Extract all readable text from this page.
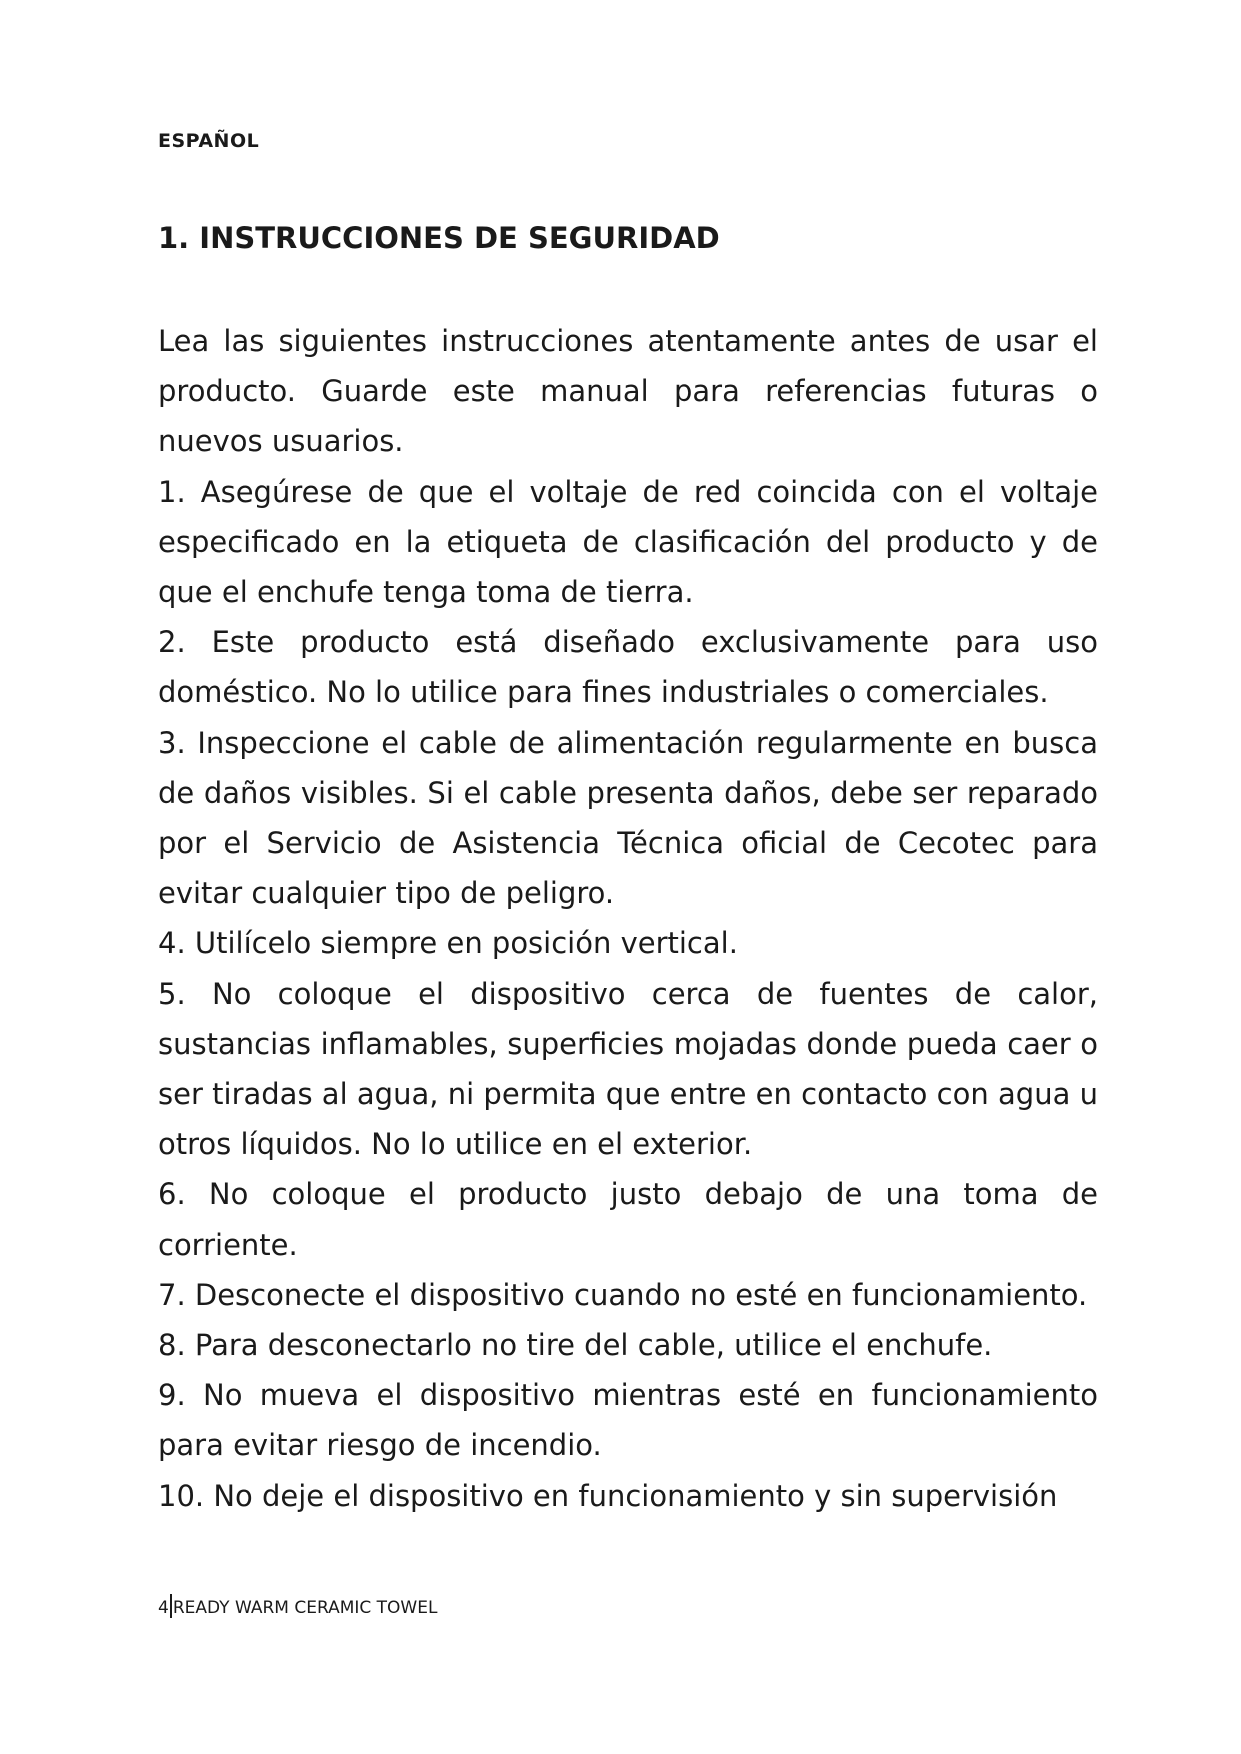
ESPAÑOL
1. INSTRUCCIONES DE SEGURIDAD

Lea las siguientes instrucciones atentamente antes de usar el producto. Guarde este manual para referencias futuras o nuevos usuarios.

1. Asegúrese de que el voltaje de red coincida con el voltaje especificado en la etiqueta de clasificación del producto y de que el enchufe tenga toma de tierra.

2. Este producto está diseñado exclusivamente para uso doméstico. No lo utilice para fines industriales o comerciales.

3. Inspeccione el cable de alimentación regularmente en busca de daños visibles. Si el cable presenta daños, debe ser reparado por el Servicio de Asistencia Técnica oficial de Cecotec para evitar cualquier tipo de peligro.

4. Utilícelo siempre en posición vertical.

5. No coloque el dispositivo cerca de fuentes de calor, sustancias inflamables, superficies mojadas donde pueda caer o ser tiradas al agua, ni permita que entre en contacto con agua u otros líquidos. No lo utilice en el exterior.

6. No coloque el producto justo debajo de una toma de corriente.

7. Desconecte el dispositivo cuando no esté en funcionamiento.

8. Para desconectarlo no tire del cable, utilice el enchufe.

9. No mueva el dispositivo mientras esté en funcionamiento para evitar riesgo de incendio.

10. No deje el dispositivo en funcionamiento y sin supervisión

4 READY WARM CERAMIC TOWEL
